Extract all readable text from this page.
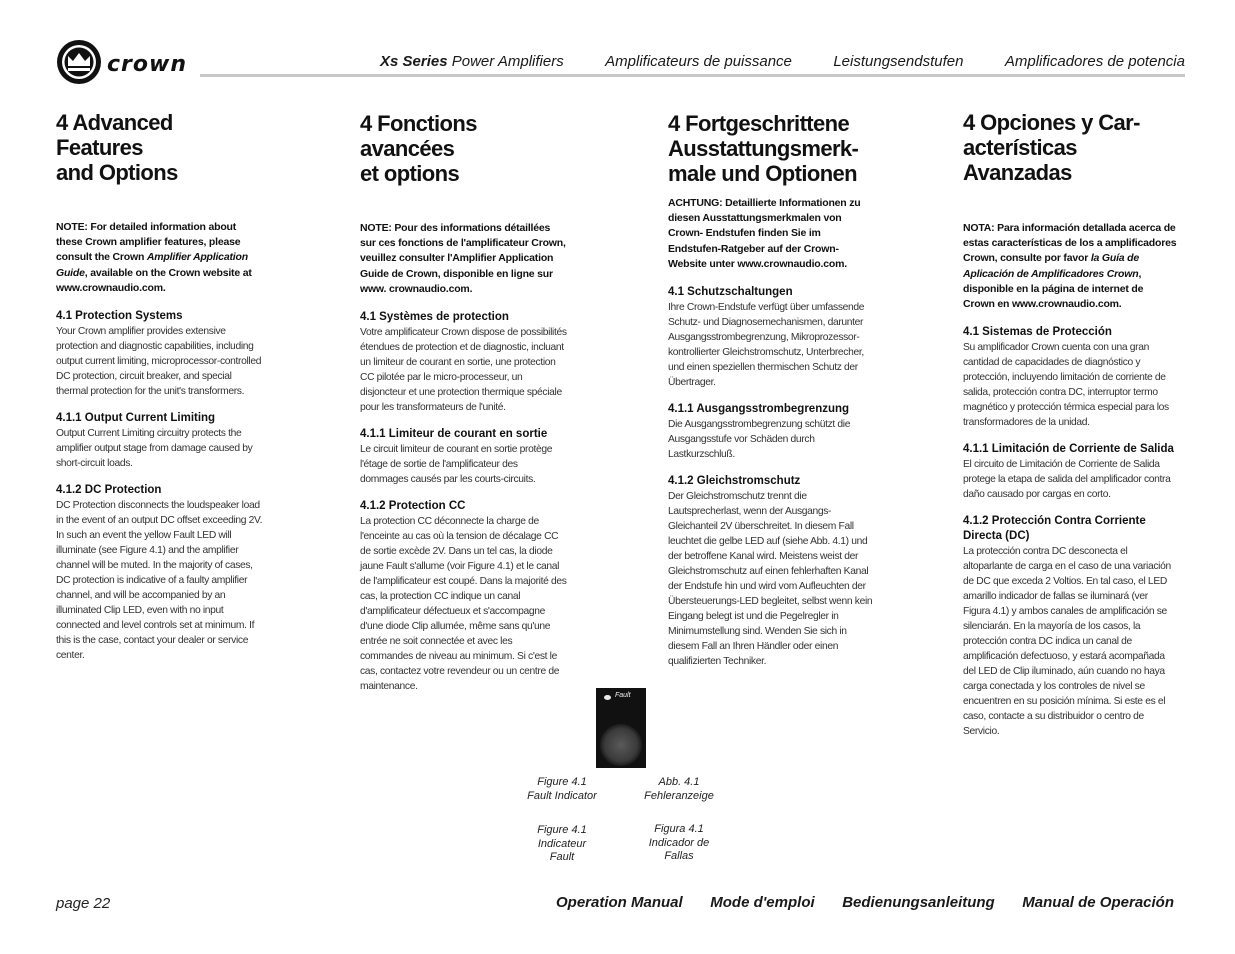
crown	Xs Series Power Amplifiers	Amplificateurs de puissance	Leistungsendstufen	Amplificadores de potencia
4 Advanced Features
and Options
NOTE: For detailed information about these Crown amplifier features, please consult the Crown Amplifier Application Guide, available on the Crown website at www.crownaudio.com.
4.1 Protection Systems

Your Crown amplifier provides extensive protection and diagnostic capabilities, including output current limiting, microprocessor-controlled DC protection, circuit breaker, and special thermal protection for the unit's transformers.

4.1.1 Output Current Limiting

Output Current Limiting circuitry protects the amplifier output stage from damage caused by short-circuit loads.

4.1.2 DC Protection

DC Protection disconnects the loudspeaker load in the event of an output DC offset exceeding 2V. In such an event the yellow Fault LED will illuminate (see Figure 4.1) and the amplifier channel will be muted. In the majority of cases, DC protection is indicative of a faulty amplifier channel, and will be accompanied by an illuminated Clip LED, even with no input connected and level controls set at minimum. If this is the case, contact your dealer or service center.

4 Fonctions avancées
et options
NOTE: Pour des informations détaillées sur ces fonctions de l'amplificateur Crown, veuillez consulter l'Amplifier Application Guide de Crown, disponible en ligne sur www. crownaudio.com.
4.1 Systèmes de protection

Votre amplificateur Crown dispose de possibilités étendues de protection et de diagnostic, incluant un limiteur de courant en sortie, une protection CC pilotée par le micro-processeur, un disjoncteur et une protection thermique spéciale pour les transformateurs de l'unité.

4.1.1 Limiteur de courant en sortie

Le circuit limiteur de courant en sortie protège l'étage de sortie de l'amplificateur des dommages causés par les courts-circuits.

4.1.2 Protection CC

La protection CC déconnecte la charge de l'enceinte au cas où la tension de décalage CC de sortie excède 2V. Dans un tel cas, la diode jaune Fault s'allume (voir Figure 4.1) et le canal de l'amplificateur est coupé. Dans la majorité des cas, la protection CC indique un canal d'amplificateur défectueux et s'accompagne d'une diode Clip allumée, même sans qu'une entrée ne soit connectée et avec les commandes de niveau au minimum. Si c'est le cas, contactez votre revendeur ou un centre de maintenance.

4 Fortgeschrittene
Ausstattungsmerk-
male und Optionen
ACHTUNG: Detaillierte Informationen zu diesen Ausstattungsmerkmalen von Crown- Endstufen finden Sie im Endstufen-Ratgeber auf der Crown-Website unter www.crownaudio.com.
4.1 Schutzschaltungen

Ihre Crown-Endstufe verfügt über umfassende Schutz- und Diagnosemechanismen, darunter Ausgangsstrombegrenzung, Mikroprozessor-kontrollierter Gleichstromschutz, Unterbrecher, und einen speziellen thermischen Schutz der Übertrager.

4.1.1 Ausgangsstrombegrenzung

Die Ausgangsstrombegrenzung schützt die Ausgangsstufe vor Schäden durch Lastkurzschluß.

4.1.2 Gleichstromschutz

Der Gleichstromschutz trennt die Lautsprecherlast, wenn der Ausgangs-Gleichanteil 2V überschreitet. In diesem Fall leuchtet die gelbe LED auf (siehe Abb. 4.1) und der betroffene Kanal wird. Meistens weist der Gleichstromschutz auf einen fehlerhaften Kanal der Endstufe hin und wird vom Aufleuchten der Übersteuerungs-LED begleitet, selbst wenn kein Eingang belegt ist und die Pegelregler in Minimumstellung sind. Wenden Sie sich in diesem Fall an Ihren Händler oder einen qualifizierten Techniker.

4 Opciones y Car-
acterísticas Avanzadas
NOTA: Para información detallada acerca de estas características de los a amplificadores Crown, consulte por favor la Guía de Aplicación de Amplificadores Crown, disponible en la página de internet de Crown en www.crownaudio.com.
4.1 Sistemas de Protección

Su amplificador Crown cuenta con una gran cantidad de capacidades de diagnóstico y protección, incluyendo limitación de corriente de salida, protección contra DC, interruptor termo magnético y protección térmica especial para los transformadores de la unidad.

4.1.1 Limitación de Corriente de Salida

El circuito de Limitación de Corriente de Salida protege la etapa de salida del amplificador contra daño causado por cargas en corto.

4.1.2 Protección Contra Corriente Directa (DC)

La protección contra DC desconecta el altoparlante de carga en el caso de una variación de DC que exceda 2 Voltios. En tal caso, el LED amarillo indicador de fallas se iluminará (ver Figura 4.1) y ambos canales de amplificación se silenciarán. En la mayoría de los casos, la protección contra DC indica un canal de amplificación defectuoso, y estará acompañada del LED de Clip iluminado, aún cuando no haya carga conectada y los controles de nivel se encuentren en su posición mínima. Si este es el caso, contacte a su distribuidor o centro de Servicio.

Fault
Figure 4.1
Fault Indicator
Abb. 4.1
Fehleranzeige
Figure 4.1
Indicateur
Fault
Figura 4.1
Indicador de
Fallas
page 22	Operation Manual Mode d'emploi Bedienungsanleitung Manual de Operación
